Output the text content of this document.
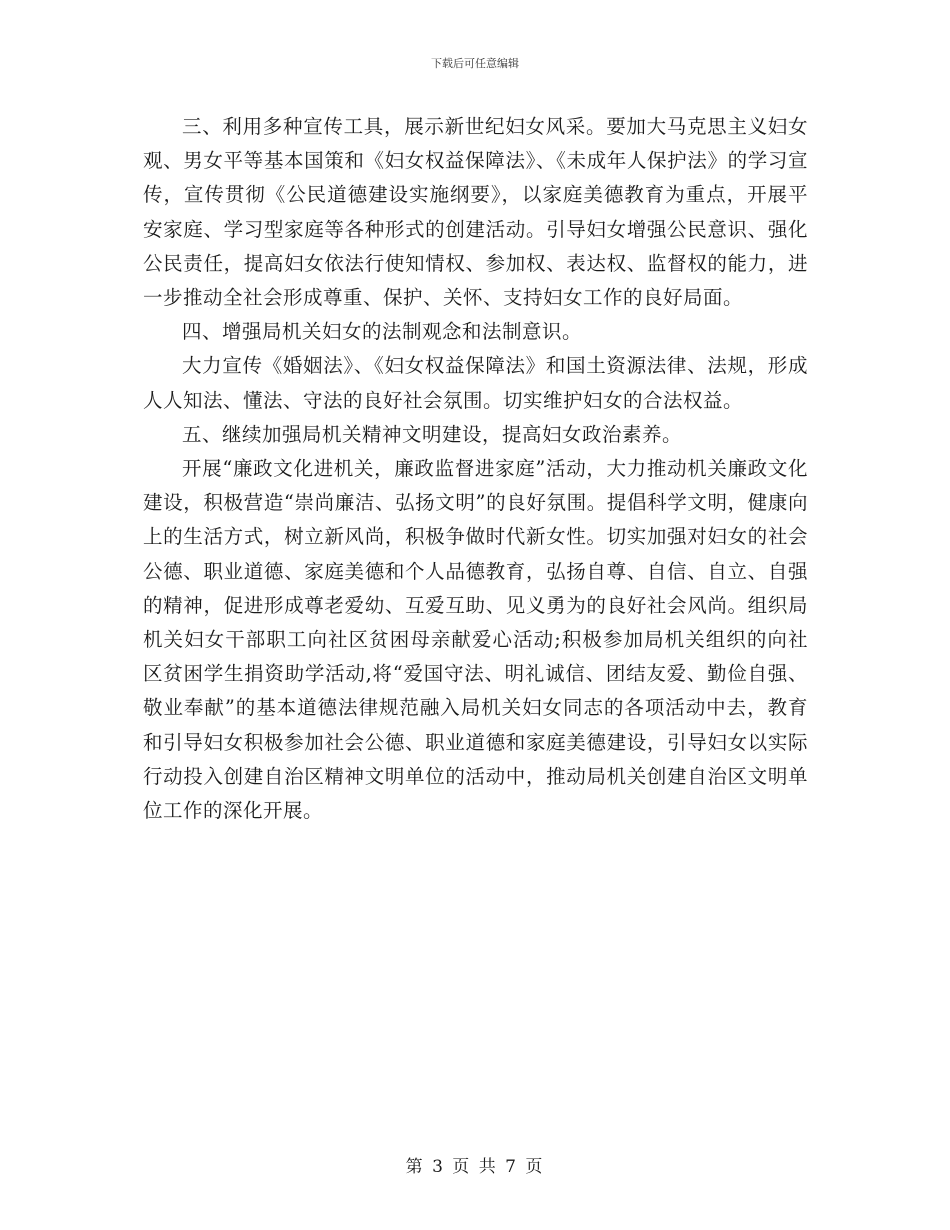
下载后可任意编辑

三、利用多种宣传工具，展示新世纪妇女风采。要加大马克思主义妇女观、男女平等基本国策和《妇女权益保障法》、《未成年人保护法》的学习宣传，宣传贯彻《公民道德建设实施纲要》，以家庭美德教育为重点，开展平安家庭、学习型家庭等各种形式的创建活动。引导妇女增强公民意识、强化公民责任，提高妇女依法行使知情权、参加权、表达权、监督权的能力，进一步推动全社会形成尊重、保护、关怀、支持妇女工作的良好局面。

四、增强局机关妇女的法制观念和法制意识。

大力宣传《婚姻法》、《妇女权益保障法》和国土资源法律、法规，形成人人知法、懂法、守法的良好社会氛围。切实维护妇女的合法权益。

五、继续加强局机关精神文明建设，提高妇女政治素养。

开展“廉政文化进机关，廉政监督进家庭”活动，大力推动机关廉政文化建设，积极营造“崇尚廉洁、弘扬文明”的良好氛围。提倡科学文明，健康向上的生活方式，树立新风尚，积极争做时代新女性。切实加强对妇女的社会公德、职业道德、家庭美德和个人品德教育，弘扬自尊、自信、自立、自强的精神，促进形成尊老爱幼、互爱互助、见义勇为的良好社会风尚。组织局机关妇女干部职工向社区贫困母亲献爱心活动;积极参加局机关组织的向社区贫困学生捐资助学活动,将“爱国守法、明礼诚信、团结友爱、勤俭自强、敬业奉献”的基本道德法律规范融入局机关妇女同志的各项活动中去，教育和引导妇女积极参加社会公德、职业道德和家庭美德建设，引导妇女以实际行动投入创建自治区精神文明单位的活动中，推动局机关创建自治区文明单位工作的深化开展。

第 3 页 共 7 页
